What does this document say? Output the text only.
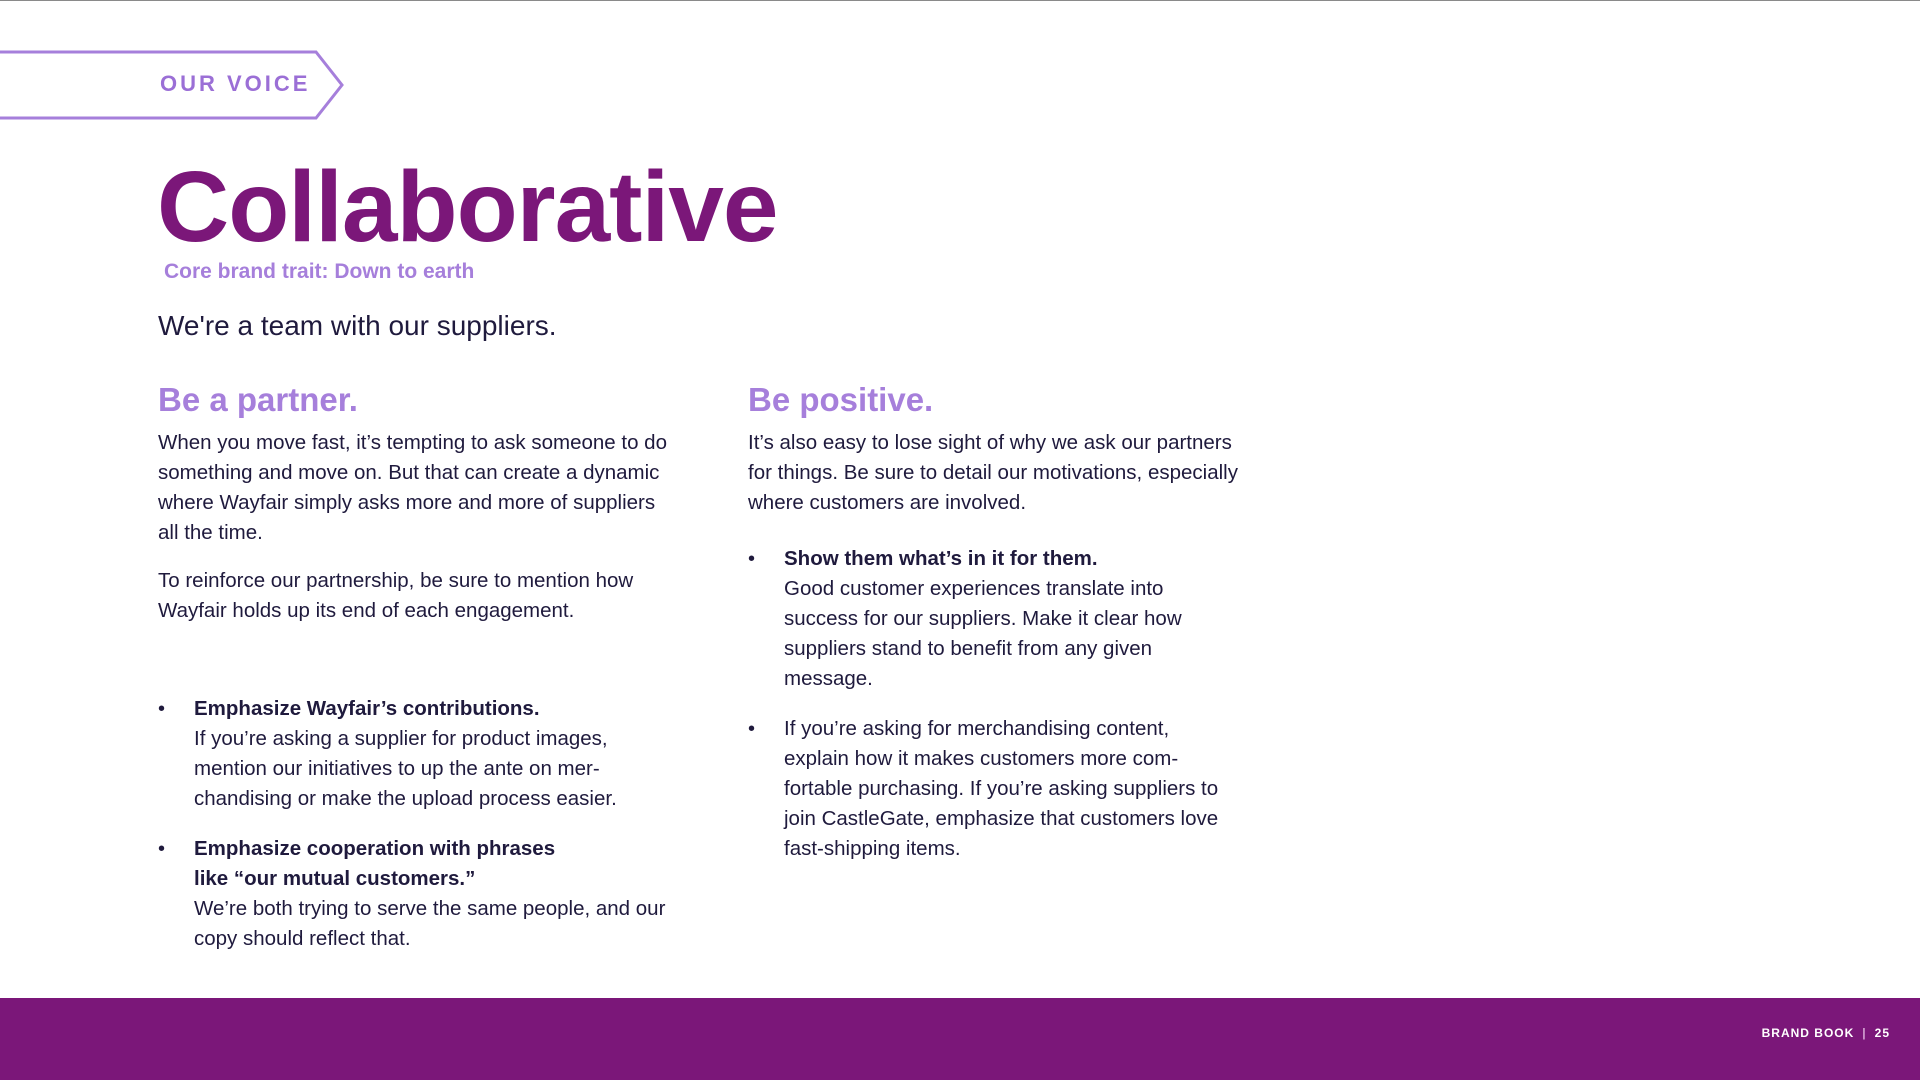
OUR VOICE
Collaborative
Core brand trait: Down to earth
We're a team with our suppliers.
Be a partner.

When you move fast, it’s tempting to ask someone to do something and move on. But that can create a dynamic where Wayfair simply asks more and more of suppliers all the time.

To reinforce our partnership, be sure to mention how Wayfair holds up its end of each engagement.

• Emphasize Wayfair’s contributions.
If you’re asking a supplier for product images, mention our initiatives to up the ante on mer-chandising or make the upload process easier.
• Emphasize cooperation with phrases like “our mutual customers.”
We’re both trying to serve the same people, and our copy should reflect that.
Be positive.

It’s also easy to lose sight of why we ask our partners for things. Be sure to detail our motivations, especially where customers are involved.

• Show them what’s in it for them.
Good customer experiences translate into success for our suppliers. Make it clear how suppliers stand to benefit from any given message.
• If you’re asking for merchandising content, explain how it makes customers more com-fortable purchasing. If you’re asking suppliers to join CastleGate, emphasize that customers love fast-shipping items.
BRAND BOOK | 25
